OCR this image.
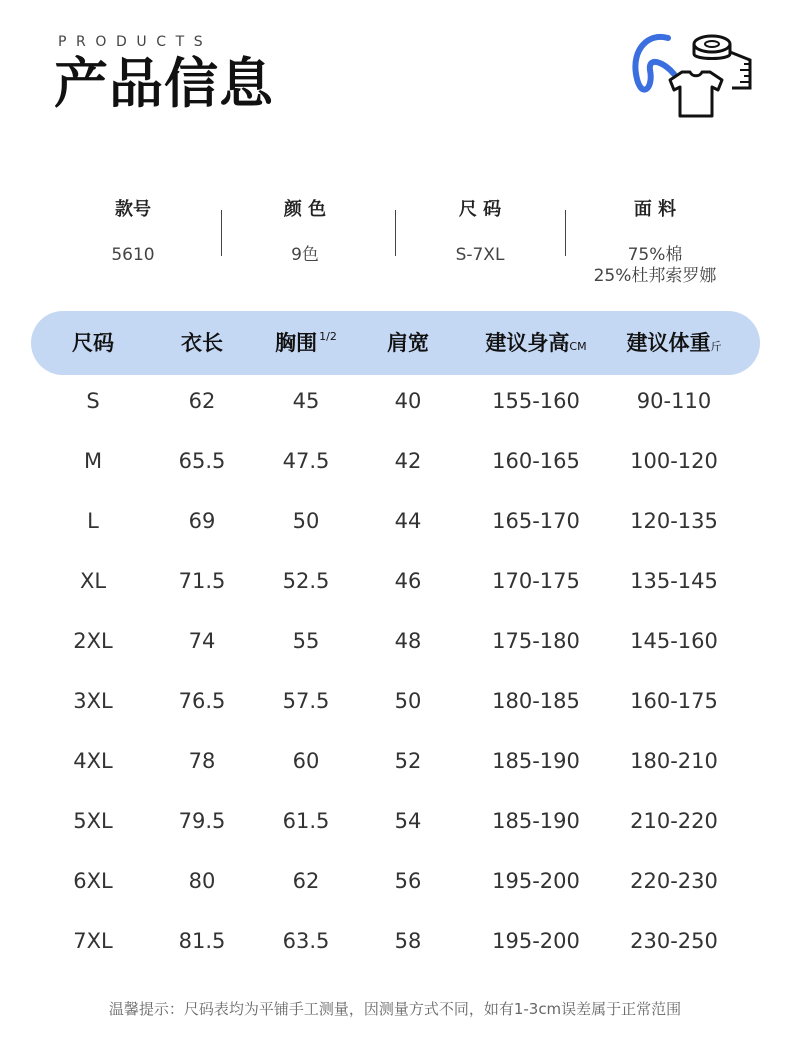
PRODUCTS
产品信息
款号
5610
颜 色
9色
尺 码
S-7XL
面 料
75%棉
25%杜邦索罗娜
尺码	衣长	胸围 $^{1/2}$	肩宽	建议身高CM	建议体重斤
S	62	45	40	155-160	90-110
M	65.5	47.5	42	160-165	100-120
L	69	50	44	165-170	120-135
XL	71.5	52.5	46	170-175	135-145
2XL	74	55	48	175-180	145-160
3XL	76.5	57.5	50	180-185	160-175
4XL	78	60	52	185-190	180-210
5XL	79.5	61.5	54	185-190	210-220
6XL	80	62	56	195-200	220-230
7XL	81.5	63.5	58	195-200	230-250
温馨提示：尺码表均为平铺手工测量，因测量方式不同，如有1-3cm误差属于正常范围
